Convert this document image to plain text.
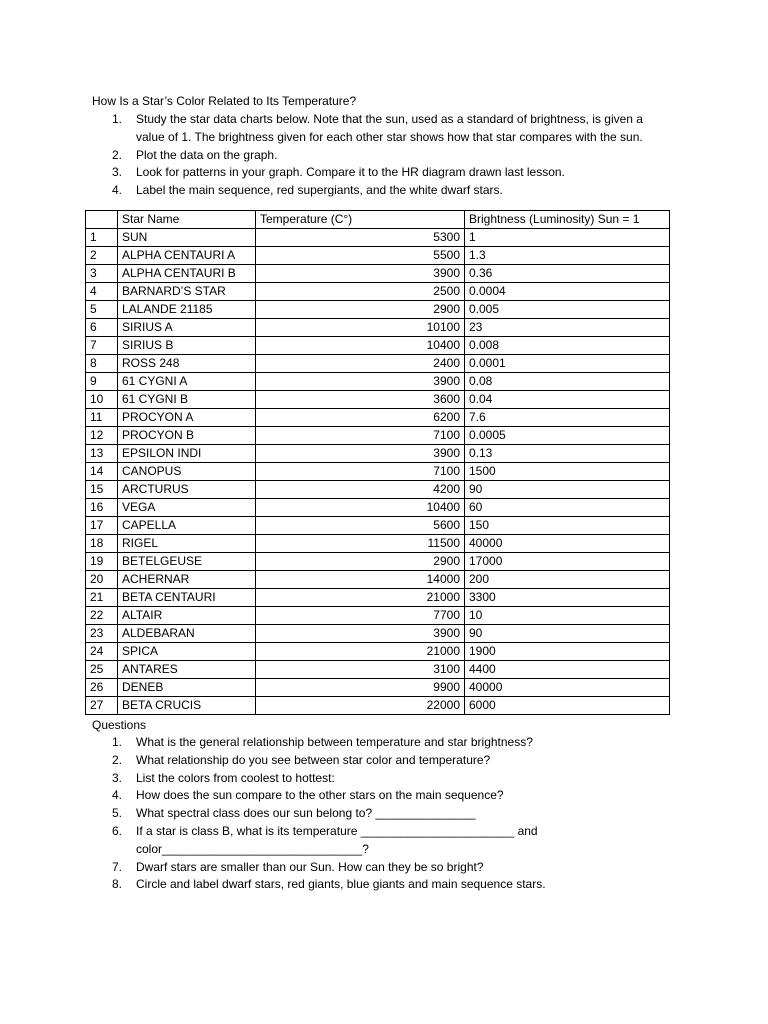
How Is a Star’s Color Related to Its Temperature?
1. Study the star data charts below. Note that the sun, used as a standard of brightness, is given a value of 1. The brightness given for each other star shows how that star compares with the sun.
2. Plot the data on the graph.
3. Look for patterns in your graph. Compare it to the HR diagram drawn last lesson.
4. Label the main sequence, red supergiants, and the white dwarf stars.
	Star Name	Temperature (C°)	Brightness (Luminosity) Sun = 1
1	SUN	5300	1
2	ALPHA CENTAURI A	5500	1.3
3	ALPHA CENTAURI B	3900	0.36
4	BARNARD’S STAR	2500	0.0004
5	LALANDE 21185	2900	0.005
6	SIRIUS A	10100	23
7	SIRIUS B	10400	0.008
8	ROSS 248	2400	0.0001
9	61 CYGNI A	3900	0.08
10	61 CYGNI B	3600	0.04
11	PROCYON A	6200	7.6
12	PROCYON B	7100	0.0005
13	EPSILON INDI	3900	0.13
14	CANOPUS	7100	1500
15	ARCTURUS	4200	90
16	VEGA	10400	60
17	CAPELLA	5600	150
18	RIGEL	11500	40000
19	BETELGEUSE	2900	17000
20	ACHERNAR	14000	200
21	BETA CENTAURI	21000	3300
22	ALTAIR	7700	10
23	ALDEBARAN	3900	90
24	SPICA	21000	1900
25	ANTARES	3100	4400
26	DENEB	9900	40000
27	BETA CRUCIS	22000	6000
Questions
1. What is the general relationship between temperature and star brightness?
2. What relationship do you see between star color and temperature?
3. List the colors from coolest to hottest:
4. How does the sun compare to the other stars on the main sequence?
5. What spectral class does our sun belong to? _______________
6. If a star is class B, what is its temperature _______________________ and color______________________________?
7. Dwarf stars are smaller than our Sun. How can they be so bright?
8. Circle and label dwarf stars, red giants, blue giants and main sequence stars.
